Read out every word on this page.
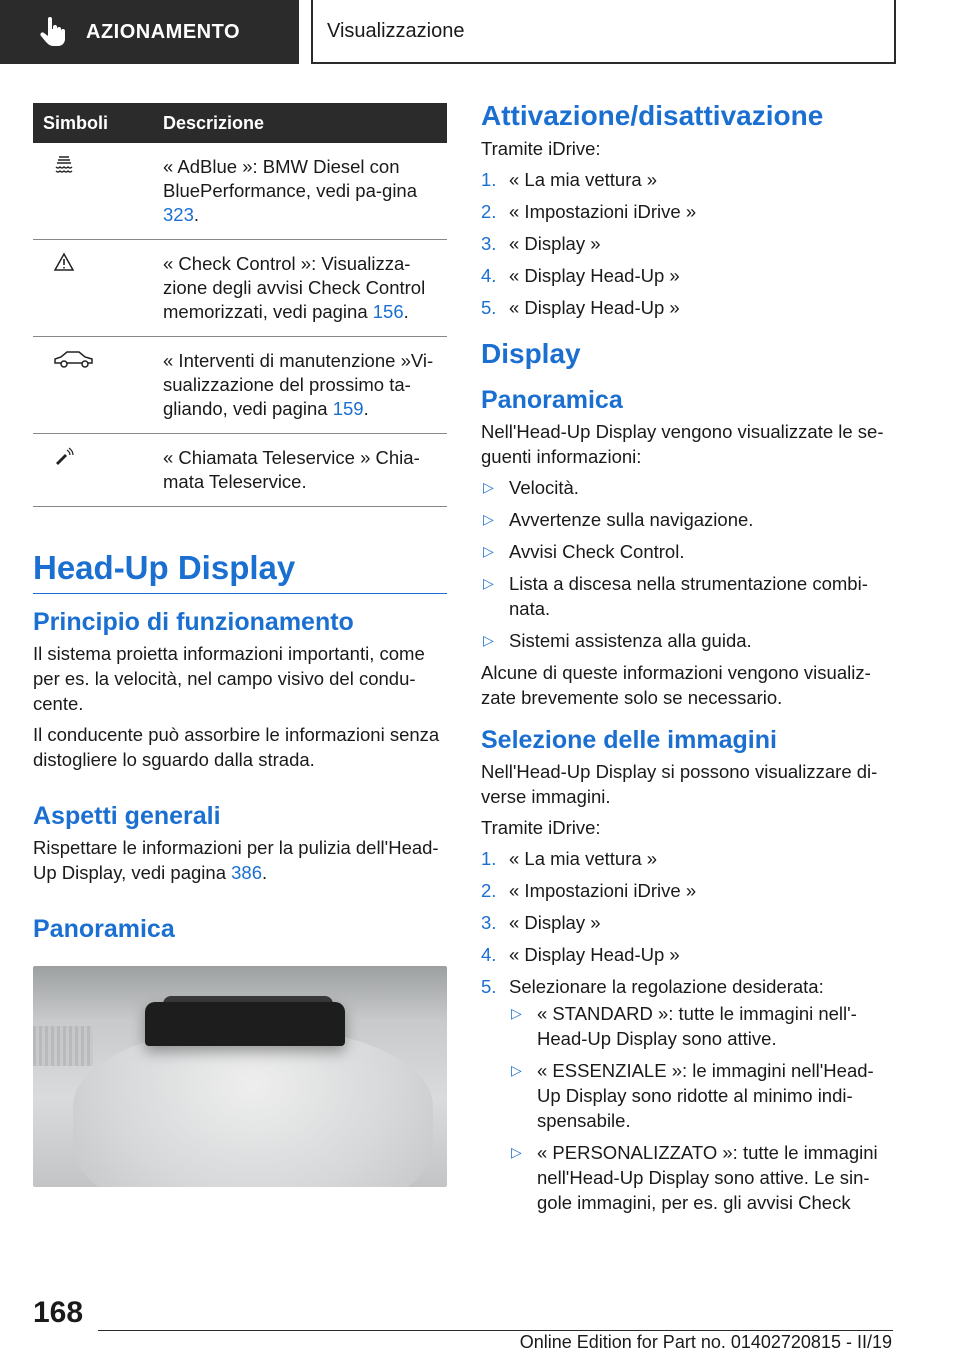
AZIONAMENTO	Visualizzazione
Simboli	Descrizione
	« AdBlue »: BMW Diesel con BluePerformance, vedi pa-gina 323.
	« Check Control »: Visualizza-zione degli avvisi Check Control memorizzati, vedi pagina 156.
	« Interventi di manutenzione »Vi-sualizzazione del prossimo ta-gliando, vedi pagina 159.
	« Chiamata Teleservice » Chia-mata Teleservice.
Head-Up Display
Principio di funzionamento

Il sistema proietta informazioni importanti, come per es. la velocità, nel campo visivo del condu-cente.

Il conducente può assorbire le informazioni senza distogliere lo sguardo dalla strada.

Aspetti generali

Rispettare le informazioni per la pulizia dell'Head-Up Display, vedi pagina 386.

Panoramica
Attivazione/disattivazione

Tramite iDrive:

1. « La mia vettura »
2. « Impostazioni iDrive »
3. « Display »
4. « Display Head-Up »
5. « Display Head-Up »
Display
Panoramica

Nell'Head-Up Display vengono visualizzate le se-guenti informazioni:

▷ Velocità.
▷ Avvertenze sulla navigazione.
▷ Avvisi Check Control.
▷ Lista a discesa nella strumentazione combi-nata.
▷ Sistemi assistenza alla guida.

Alcune di queste informazioni vengono visualiz-zate brevemente solo se necessario.

Selezione delle immagini

Nell'Head-Up Display si possono visualizzare di-verse immagini.

Tramite iDrive:

1. « La mia vettura »
2. « Impostazioni iDrive »
3. « Display »
4. « Display Head-Up »
5. Selezionare la regolazione desiderata:
▷ « STANDARD »: tutte le immagini nell'-Head-Up Display sono attive.
▷ « ESSENZIALE »: le immagini nell'Head-Up Display sono ridotte al minimo indi-spensabile.
▷ « PERSONALIZZATO »: tutte le immagini nell'Head-Up Display sono attive. Le sin-gole immagini, per es. gli avvisi Check
168
Online Edition for Part no. 01402720815 - II/19
